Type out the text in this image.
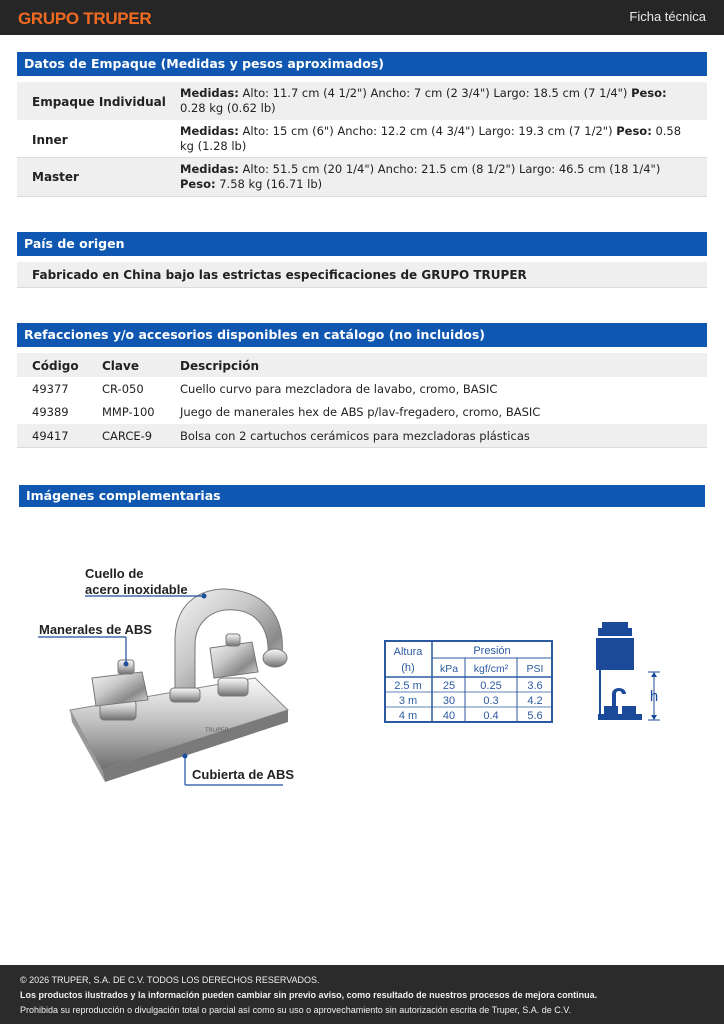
GRUPO TRUPER	Ficha técnica
Datos de Empaque (Medidas y pesos aproximados)
Empaque Individual
Medidas: Alto: 11.7 cm (4 1/2") Ancho: 7 cm (2 3/4") Largo: 18.5 cm (7 1/4") Peso: 0.28 kg (0.62 lb)
Inner
Medidas: Alto: 15 cm (6") Ancho: 12.2 cm (4 3/4") Largo: 19.3 cm (7 1/2") Peso: 0.58 kg (1.28 lb)
Master
Medidas: Alto: 51.5 cm (20 1/4") Ancho: 21.5 cm (8 1/2") Largo: 46.5 cm (18 1/4") Peso: 7.58 kg (16.71 lb)
País de origen
Fabricado en China bajo las estrictas especificaciones de GRUPO TRUPER
Refacciones y/o accesorios disponibles en catálogo (no incluidos)
Código Clave	Descripción
49377	CR-050	Cuello curvo para mezcladora de lavabo, cromo, BASIC
49389	MMP-100 Juego de manerales hex de ABS p/lav-fregadero, cromo, BASIC
49417	CARCE-9 Bolsa con 2 cartuchos cerámicos para mezcladoras plásticas
Imágenes complementarias
TRUPER
Cuello de
acero inoxidable
Manerales de ABS
Cubierta de ABS
Altura
(h)
Presión
kPa kgf/cm² PSI
2.5 m 25 0.25 3.6
3 m 30	0.3	4.2
4 m 40	0.4	5.6
h
© 2026 TRUPER, S.A. DE C.V. TODOS LOS DERECHOS RESERVADOS.
Los productos ilustrados y la información pueden cambiar sin previo aviso, como resultado de nuestros procesos de mejora continua.
Prohibida su reproducción o divulgación total o parcial así como su uso o aprovechamiento sin autorización escrita de Truper, S.A. de C.V.
